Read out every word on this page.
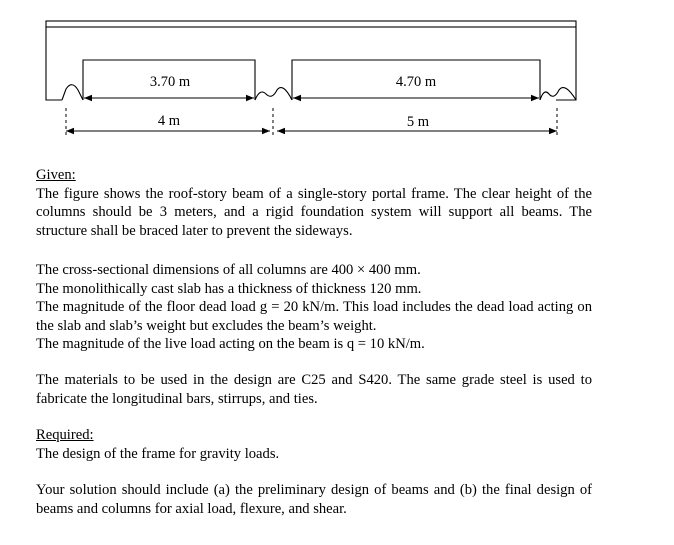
3.70 m	4.70 m
4 m	5 m

Given:

The figure shows the roof-story beam of a single-story portal frame. The clear height of the columns should be 3 meters, and a rigid foundation system will support all beams. The structure shall be braced later to prevent the sideways.

The cross-sectional dimensions of all columns are 400 × 400 mm.

The monolithically cast slab has a thickness of thickness 120 mm.

The magnitude of the floor dead load g = 20 kN/m. This load includes the dead load acting on the slab and slab’s weight but excludes the beam’s weight.

The magnitude of the live load acting on the beam is q = 10 kN/m.

The materials to be used in the design are C25 and S420. The same grade steel is used to fabricate the longitudinal bars, stirrups, and ties.

Required:

The design of the frame for gravity loads.

Your solution should include (a) the preliminary design of beams and (b) the final design of beams and columns for axial load, flexure, and shear.
